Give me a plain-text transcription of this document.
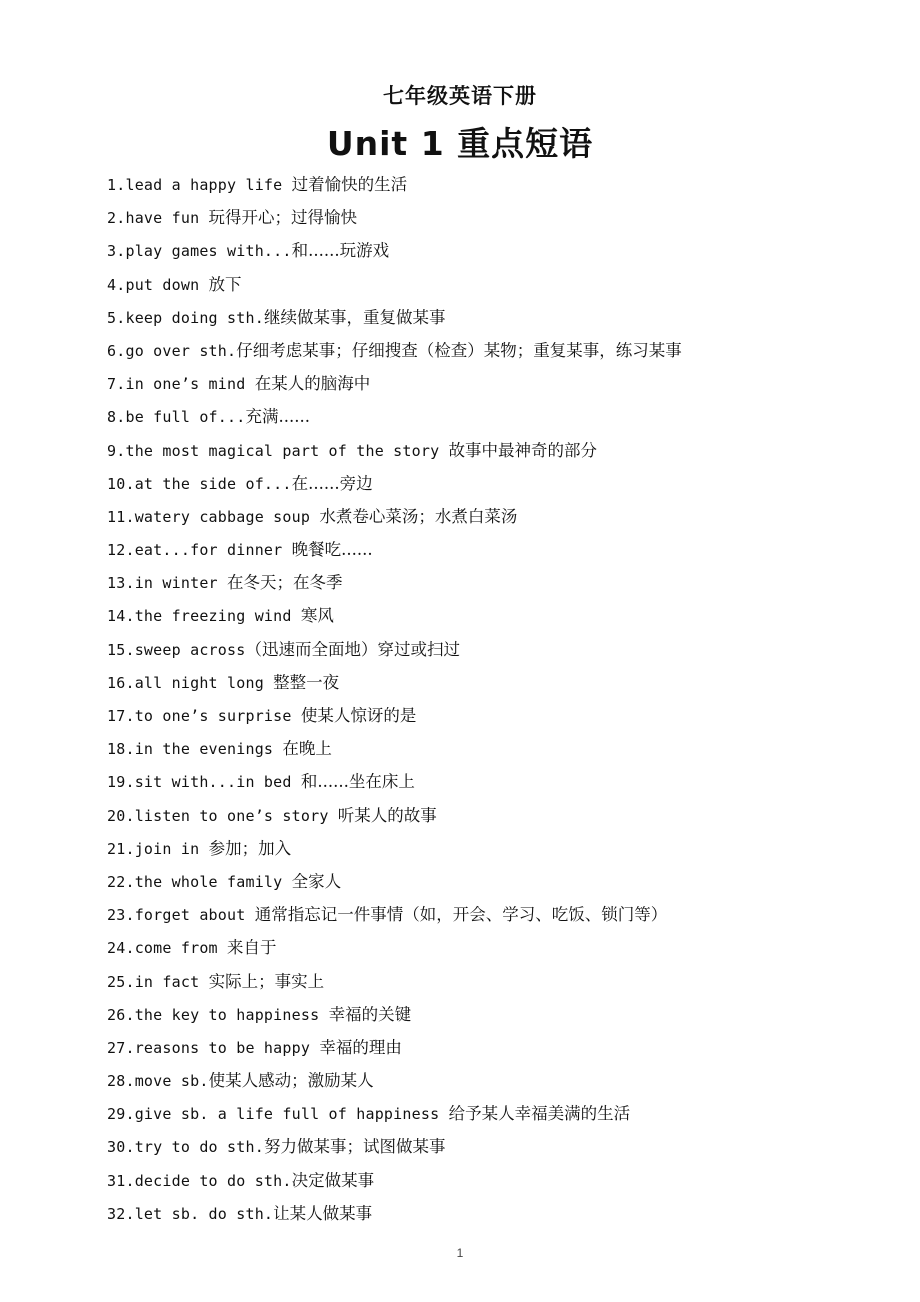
七年级英语下册
Unit 1 重点短语
1.lead a happy life 过着愉快的生活
2.have fun 玩得开心；过得愉快
3.play games with...和......玩游戏
4.put down 放下
5.keep doing sth.继续做某事，重复做某事
6.go over sth.仔细考虑某事；仔细搜查（检查）某物；重复某事，练习某事
7.in one’s mind 在某人的脑海中
8.be full of...充满......
9.the most magical part of the story 故事中最神奇的部分
10.at the side of...在......旁边
11.watery cabbage soup 水煮卷心菜汤；水煮白菜汤
12.eat...for dinner 晚餐吃......
13.in winter 在冬天；在冬季
14.the freezing wind 寒风
15.sweep across（迅速而全面地）穿过或扫过
16.all night long 整整一夜
17.to one’s surprise 使某人惊讶的是
18.in the evenings 在晚上
19.sit with...in bed 和......坐在床上
20.listen to one’s story 听某人的故事
21.join in 参加；加入
22.the whole family 全家人
23.forget about 通常指忘记一件事情（如，开会、学习、吃饭、锁门等）
24.come from 来自于
25.in fact 实际上；事实上
26.the key to happiness 幸福的关键
27.reasons to be happy 幸福的理由
28.move sb.使某人感动；激励某人
29.give sb. a life full of happiness 给予某人幸福美满的生活
30.try to do sth.努力做某事；试图做某事
31.decide to do sth.决定做某事
32.let sb. do sth.让某人做某事
1
